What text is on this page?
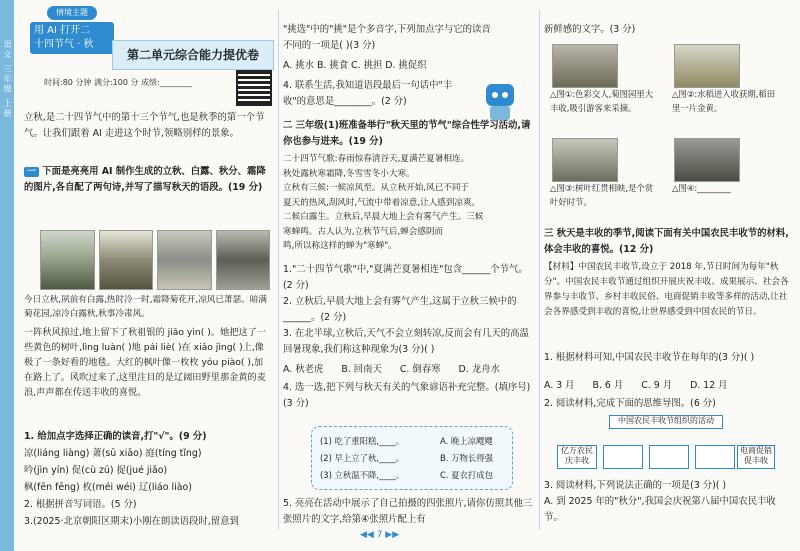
语文 三年级 上册
情境主题
用 AI 打开二
十四节气 · 秋
第二单元综合能力提优卷
时间:80 分钟 满分:100 分 成绩:________
立秋,是二十四节气中的第十三个节气,也是秋季的第一个节气。让我们跟着 AI 走进这个时节,领略别样的景象。
一 下面是亮亮用 AI 制作生成的立秋、白露、秋分、霜降的图片,各自配了两句诗,并写了描写秋天的语段。(19 分)
今日立秋,夙前有白露,热时冷一时,霜降菊花开,凉风已萧瑟。暗满菊花园,凉冷白露秋,秋事冷肃风。
一阵秋风掠过,地上留下了秋祖银的 jiǎo yìn( )。她把这了一些黄色的树叶,lìng luàn( )地 pái liè( )在 xiǎo jìng( )上,像极了一条好看的地毯。大红的枫叶像一枚枚 yóu piào( ),加在路上了。风吹过来了,这里注目的是辽阔田野里那金黄的麦浪,声声都在传送丰收的喜悦。
1. 给加点字选择正确的读音,打"√"。(9 分)
凉(liáng liàng) 萧(sū xiāo) 庭(tíng tǐng)
吟(jìn yín) 促(cù zú) 捉(jué jiǎo)
枫(fēn fēng) 枚(méi wéi) 辽(liáo liào)
2. 根据拼音写词语。(5 分)
3.(2025·北京朝阳区期末)小刚在朗读语段时,留意到
"挑选"中的"挑"是个多音字,下列加点字与它的读音
不同的一项是( )(3 分)
A. 挑水 B. 挑食 C. 挑担 D. 挑促织
4. 联系生活,我知道语段最后一句话中"丰
收"的意思是________。(2 分)
二 三年级(1)班准备举行"秋天里的节气"综合性学习活动,请你也参与进来。(19 分)
二十四节气歌:春雨惊春清谷天,夏满芒夏暑相连。
秋处露秋寒霜降,冬雪雪冬小大寒。
立秋有三候:一候凉风至。从立秋开始,风已不同于
夏天的热风,刮风时,气流中带着凉意,让人感到凉爽。
二候白露生。立秋后,早晨大地上会有雾气产生。三候
寒蝉鸣。古人认为,立秋节气后,蝉会感阴而
鸣,所以称这样的蝉为"寒蝉"。
1."二十四节气歌"中,"夏满芒夏暑相连"包含______个节气。(2 分)
2. 立秋后,早晨大地上会有雾气产生,这属于立秋三候中的______。(2 分)
3. 在北半球,立秋后,天气不会立刻转凉,反而会有几天的高温回暑现象,我们称这种现象为(3 分)( )
A. 秋老虎 B. 回南天 C. 倒春寒 D. 龙舟水
4. 选一选,把下列与秋天有关的气象谚语补充完整。(填序号)(3 分)
5. 亮亮在活动中展示了自己拍摄的四张照片,请你仿照其他三张照片的文字,给第④张照片配上有
(1) 吃了重阳糕,____。
(2) 早上立了秋,____。
(3) 立秋温不降,____。
A. 晚上凉飕飕
B. 万物长得强
C. 夏衣打成包
新鲜感的文字。(3 分)
△图①:色彩交人,菊图园里大丰收,吸引游客来采摘。
△图②:水稻进入收获期,稻田里一片金黄。
△图③:树叶红贯相映,是个赏叶好时节。
△图④:________
三 秋天是丰收的季节,阅读下面有关中国农民丰收节的材料,体会丰收的喜悦。(12 分)
【材料】中国农民丰收节,设立于 2018 年,节日时间为每年"秋分"。中国农民丰收节通过组织开展庆祝丰收、成果展示、社会各界参与丰收节、乡村丰收民俗、电商促销丰收等多样的活动,让社会各界感受到丰收的喜悦,让世界感受到中国农民的节日。
1. 根据材料可知,中国农民丰收节在每年的(3 分)( )
A. 3 月 B. 6 月 C. 9 月 D. 12 月
2. 阅读材料,完成下面的思维导图。(6 分)
3. 阅读材料,下列说法正确的一项是(3 分)( )
A. 到 2025 年的"秋分",我国会庆祝第八届中国农民丰收节。
中国农民丰收节组织的活动
亿万农民庆丰收
电商促销促丰收
◀◀ 7 ▶▶
